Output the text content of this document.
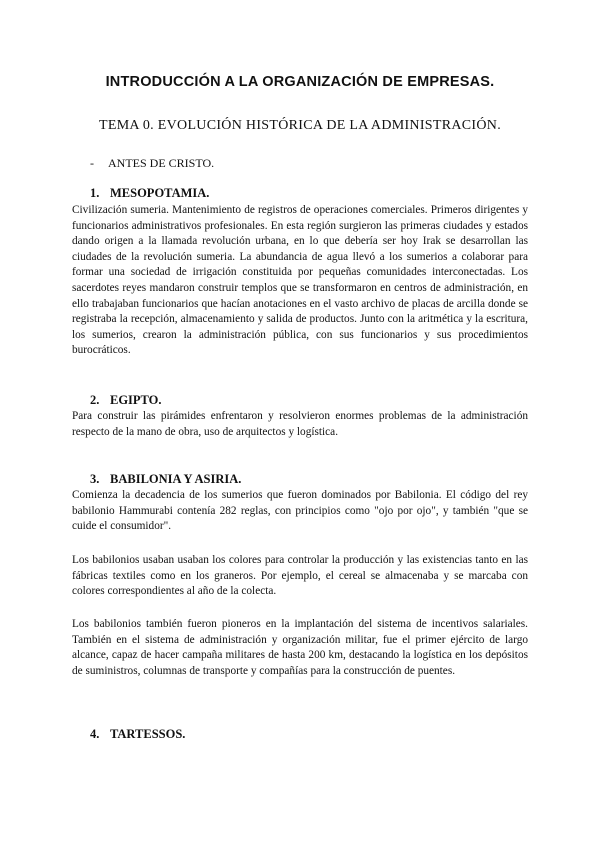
INTRODUCCIÓN A LA ORGANIZACIÓN DE EMPRESAS.
TEMA 0. EVOLUCIÓN HISTÓRICA DE LA ADMINISTRACIÓN.
- ANTES DE CRISTO.
1. MESOPOTAMIA.

Civilización sumeria. Mantenimiento de registros de operaciones comerciales. Primeros dirigentes y funcionarios administrativos profesionales. En esta región surgieron las primeras ciudades y estados dando origen a la llamada revolución urbana, en lo que debería ser hoy Irak se desarrollan las ciudades de la revolución sumeria. La abundancia de agua llevó a los sumerios a colaborar para formar una sociedad de irrigación constituida por pequeñas comunidades interconectadas. Los sacerdotes reyes mandaron construir templos que se transformaron en centros de administración, en ello trabajaban funcionarios que hacían anotaciones en el vasto archivo de placas de arcilla donde se registraba la recepción, almacenamiento y salida de productos. Junto con la aritmética y la escritura, los sumerios, crearon la administración pública, con sus funcionarios y sus procedimientos burocráticos.

2. EGIPTO.

Para construir las pirámides enfrentaron y resolvieron enormes problemas de la administración respecto de la mano de obra, uso de arquitectos y logística.

3. BABILONIA Y ASIRIA.

Comienza la decadencia de los sumerios que fueron dominados por Babilonia. El código del rey babilonio Hammurabi contenía 282 reglas, con principios como "ojo por ojo", y también "que se cuide el consumidor".

Los babilonios usaban usaban los colores para controlar la producción y las existencias tanto en las fábricas textiles como en los graneros. Por ejemplo, el cereal se almacenaba y se marcaba con colores correspondientes al año de la colecta.

Los babilonios también fueron pioneros en la implantación del sistema de incentivos salariales. También en el sistema de administración y organización militar, fue el primer ejército de largo alcance, capaz de hacer campaña militares de hasta 200 km, destacando la logística en los depósitos de suministros, columnas de transporte y compañías para la construcción de puentes.

4. TARTESSOS.
